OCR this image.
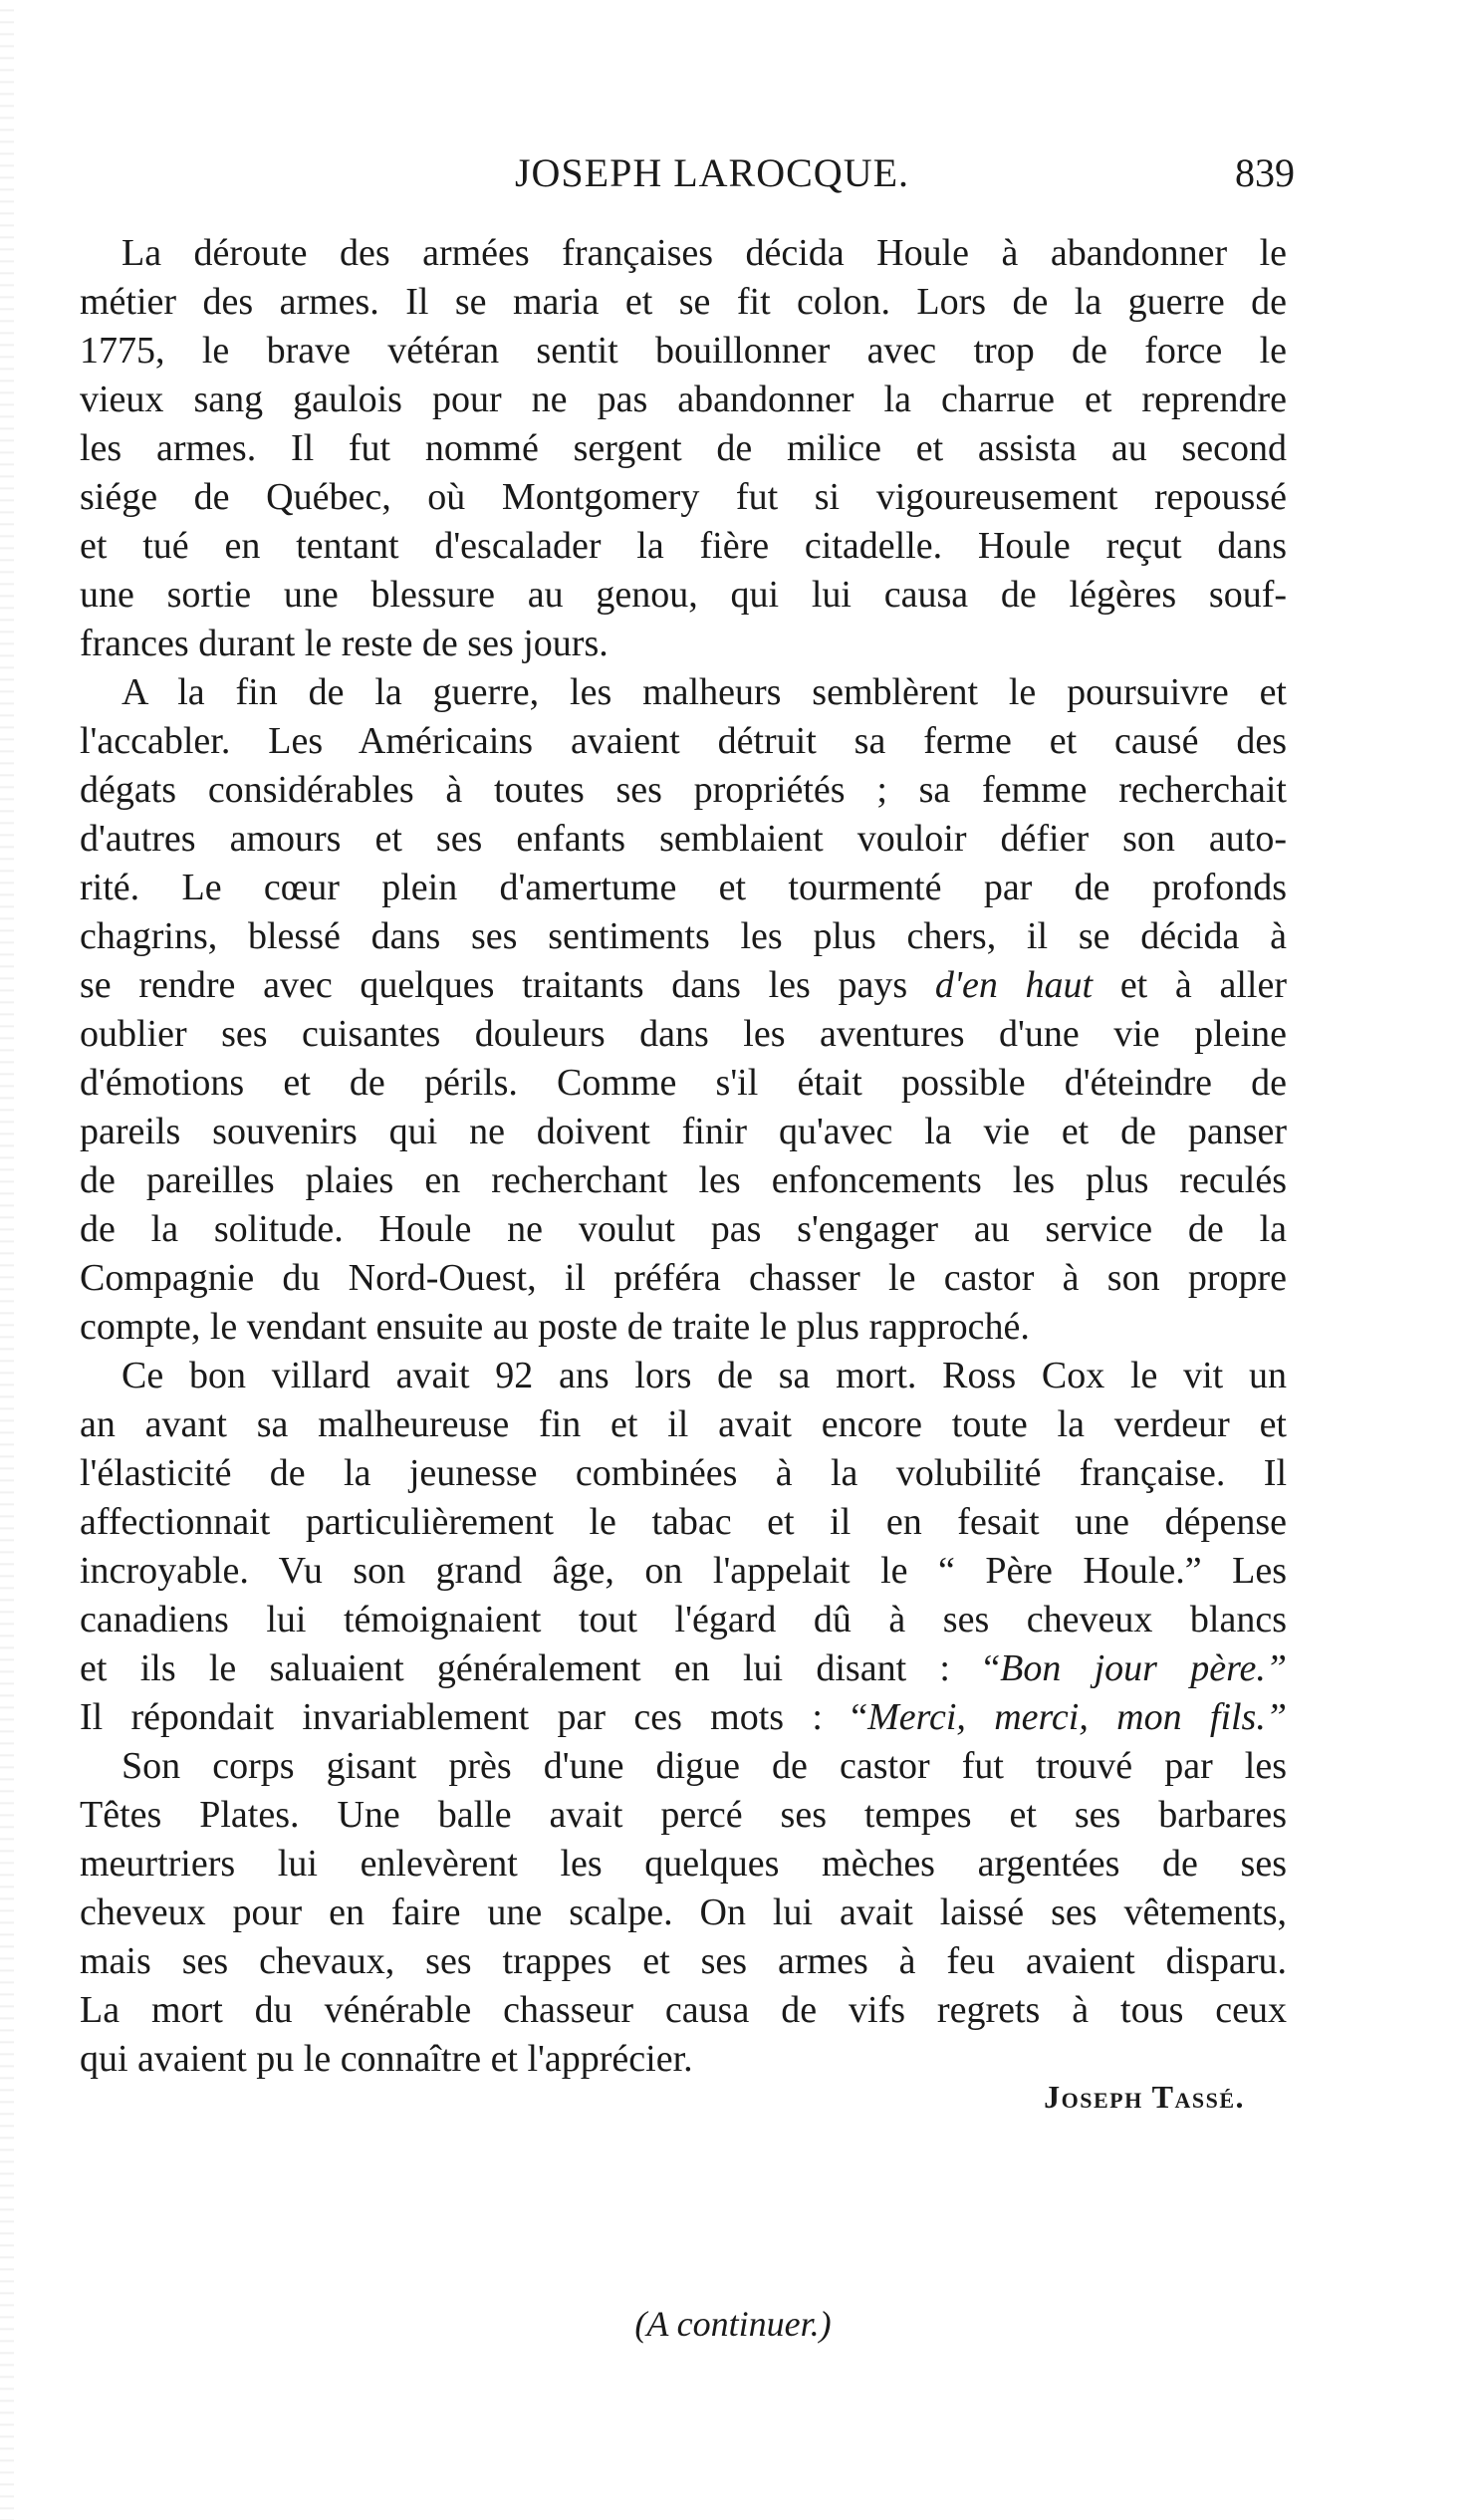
JOSEPH LAROCQUE.	839
La déroute des armées françaises décida Houle à abandonner le
métier des armes. Il se maria et se fit colon. Lors de la guerre de
1775, le brave vétéran sentit bouillonner avec trop de force le
vieux sang gaulois pour ne pas abandonner la charrue et reprendre
les armes. Il fut nommé sergent de milice et assista au second
siége de Québec, où Montgomery fut si vigoureusement repoussé
et tué en tentant d'escalader la fière citadelle. Houle reçut dans
une sortie une blessure au genou, qui lui causa de légères souf-
frances durant le reste de ses jours.
A la fin de la guerre, les malheurs semblèrent le poursuivre et
l'accabler. Les Américains avaient détruit sa ferme et causé des
dégats considérables à toutes ses propriétés ; sa femme recherchait
d'autres amours et ses enfants semblaient vouloir défier son auto-
rité. Le cœur plein d'amertume et tourmenté par de profonds
chagrins, blessé dans ses sentiments les plus chers, il se décida à
se rendre avec quelques traitants dans les pays d'en haut et à aller
oublier ses cuisantes douleurs dans les aventures d'une vie pleine
d'émotions et de périls. Comme s'il était possible d'éteindre de
pareils souvenirs qui ne doivent finir qu'avec la vie et de panser
de pareilles plaies en recherchant les enfoncements les plus reculés
de la solitude. Houle ne voulut pas s'engager au service de la
Compagnie du Nord-Ouest, il préféra chasser le castor à son propre
compte, le vendant ensuite au poste de traite le plus rapproché.
Ce bon villard avait 92 ans lors de sa mort. Ross Cox le vit un
an avant sa malheureuse fin et il avait encore toute la verdeur et
l'élasticité de la jeunesse combinées à la volubilité française. Il
affectionnait particulièrement le tabac et il en fesait une dépense
incroyable. Vu son grand âge, on l'appelait le “ Père Houle.” Les
canadiens lui témoignaient tout l'égard dû à ses cheveux blancs
et ils le saluaient généralement en lui disant : “Bon jour père.”
Il répondait invariablement par ces mots : “Merci, merci, mon fils.”
Son corps gisant près d'une digue de castor fut trouvé par les
Têtes Plates. Une balle avait percé ses tempes et ses barbares
meurtriers lui enlevèrent les quelques mèches argentées de ses
cheveux pour en faire une scalpe. On lui avait laissé ses vêtements,
mais ses chevaux, ses trappes et ses armes à feu avaient disparu.
La mort du vénérable chasseur causa de vifs regrets à tous ceux
qui avaient pu le connaître et l'apprécier.
Joseph Tassé.
(A continuer.)
